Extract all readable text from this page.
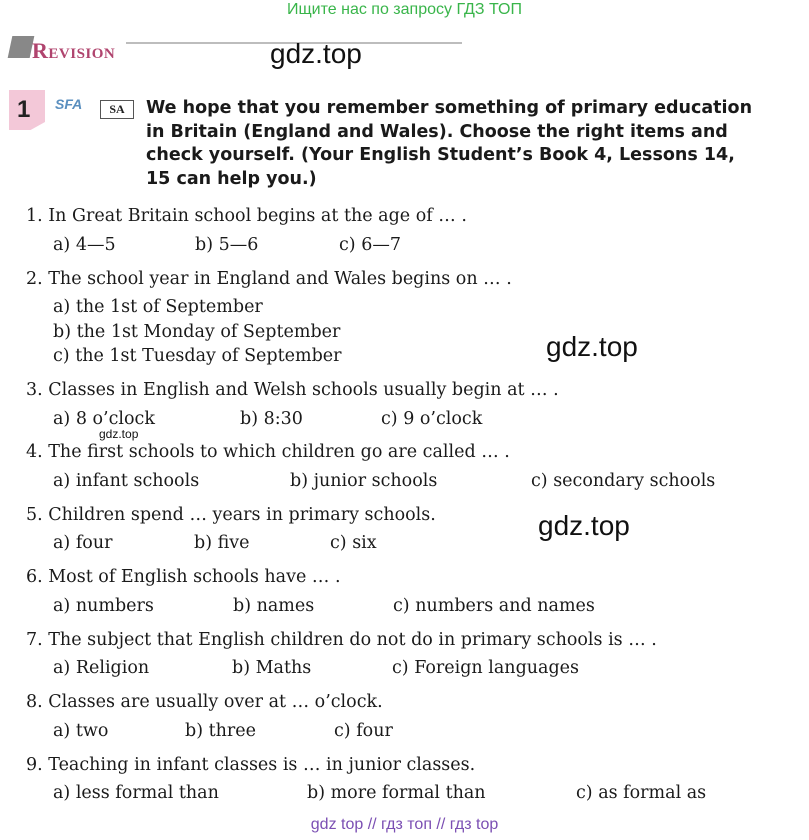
Ищите нас по запросу ГДЗ ТОП
Revision	gdz.top
1 SFA	SA	We hope that you remember something of primary education
in Britain (England and Wales). Choose the right items and
check yourself. (Your English Student’s Book 4, Lessons 14,
15 can help you.)
1. In Great Britain school begins at the age of … .
a) 4—5	b) 5—6	c) 6—7
2. The school year in England and Wales begins on … .
a) the 1st of September
b) the 1st Monday of September
c) the 1st Tuesday of September	gdz.top
3. Classes in English and Welsh schools usually begin at … .
a) 8 o’clock	b) 8:30	c) 9 o’clock
gdz.top
4. The first schools to which children go are called … .
a) infant schools	b) junior schools	c) secondary schools
5. Children spend … years in primary schools.
a) four	b) five	c) six
gdz.top
6. Most of English schools have … .
a) numbers	b) names	c) numbers and names
7. The subject that English children do not do in primary schools is … .
a) Religion	b) Maths	c) Foreign languages
8. Classes are usually over at … o’clock.
a) two	b) three	c) four
9. Teaching in infant classes is … in junior classes.
a) less formal than	b) more formal than	c) as formal as
gdz top // гдз топ // гдз top
